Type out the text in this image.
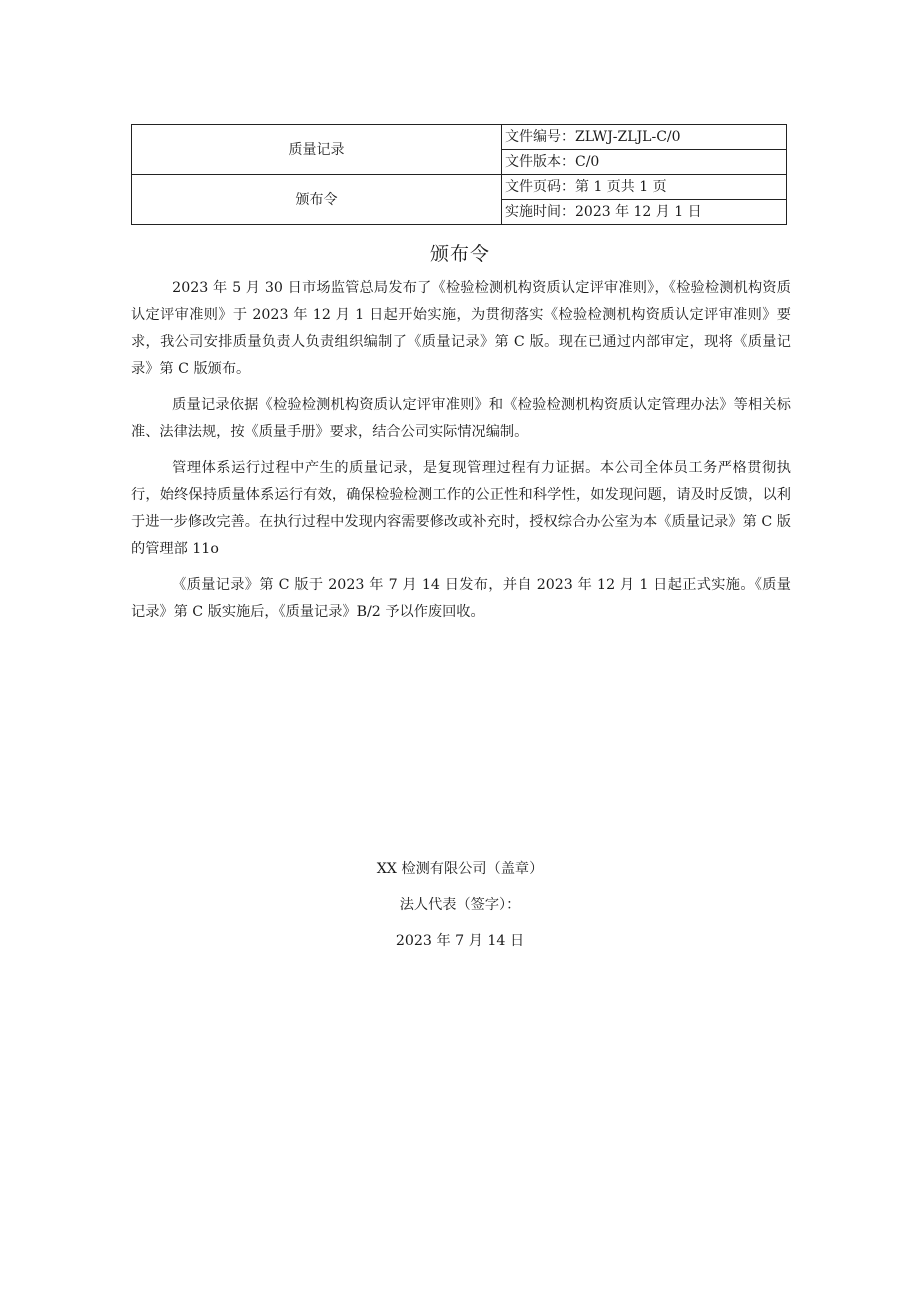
质量记录	文件编号：ZLWJ-ZLJL-C/0
	文件版本：C/0
颁布令	文件页码：第 1 页共 1 页
	实施时间：2023 年 12 月 1 日
颁布令

2023 年 5 月 30 日市场监管总局发布了《检验检测机构资质认定评审准则》，《检验检测机构资质认定评审准则》于 2023 年 12 月 1 日起开始实施，为贯彻落实《检验检测机构资质认定评审准则》要求，我公司安排质量负责人负责组织编制了《质量记录》第 C 版。现在已通过内部审定，现将《质量记录》第 C 版颁布。

质量记录依据《检验检测机构资质认定评审准则》和《检验检测机构资质认定管理办法》等相关标准、法律法规，按《质量手册》要求，结合公司实际情况编制。

管理体系运行过程中产生的质量记录，是复现管理过程有力证据。本公司全体员工务严格贯彻执行，始终保持质量体系运行有效，确保检验检测工作的公正性和科学性，如发现问题，请及时反馈，以利于进一步修改完善。在执行过程中发现内容需要修改或补充时，授权综合办公室为本《质量记录》第 C 版的管理部 11o

《质量记录》第 C 版于 2023 年 7 月 14 日发布，并自 2023 年 12 月 1 日起正式实施。《质量记录》第 C 版实施后，《质量记录》B/2 予以作废回收。

XX 检测有限公司（盖章）
法人代表（签字）：
2023 年 7 月 14 日
